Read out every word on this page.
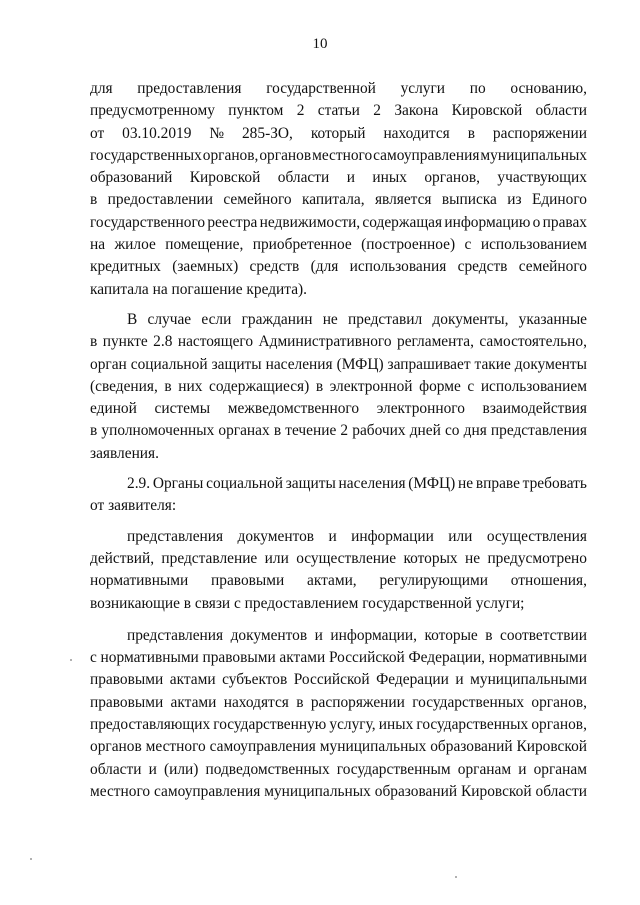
10
для предоставления государственной услуги по основанию,
предусмотренному пунктом 2 статьи 2 Закона Кировской области
от 03.10.2019 № 285-ЗО, который находится в распоряжении
государственных органов, органов местного самоуправления муниципальных
образований Кировской области и иных органов, участвующих
в предоставлении семейного капитала, является выписка из Единого
государственного реестра недвижимости, содержащая информацию о правах
на жилое помещение, приобретенное (построенное) с использованием
кредитных (заемных) средств (для использования средств семейного
капитала на погашение кредита).
В случае если гражданин не представил документы, указанные
в пункте 2.8 настоящего Административного регламента, самостоятельно,
орган социальной защиты населения (МФЦ) запрашивает такие документы
(сведения, в них содержащиеся) в электронной форме с использованием
единой системы межведомственного электронного взаимодействия
в уполномоченных органах в течение 2 рабочих дней со дня представления
заявления.
2.9. Органы социальной защиты населения (МФЦ) не вправе требовать
от заявителя:
представления документов и информации или осуществления
действий, представление или осуществление которых не предусмотрено
нормативными правовыми актами, регулирующими отношения,
возникающие в связи с предоставлением государственной услуги;
представления документов и информации, которые в соответствии
с нормативными правовыми актами Российской Федерации, нормативными
правовыми актами субъектов Российской Федерации и муниципальными
правовыми актами находятся в распоряжении государственных органов,
предоставляющих государственную услугу, иных государственных органов,
органов местного самоуправления муниципальных образований Кировской
области и (или) подведомственных государственным органам и органам
местного самоуправления муниципальных образований Кировской области
